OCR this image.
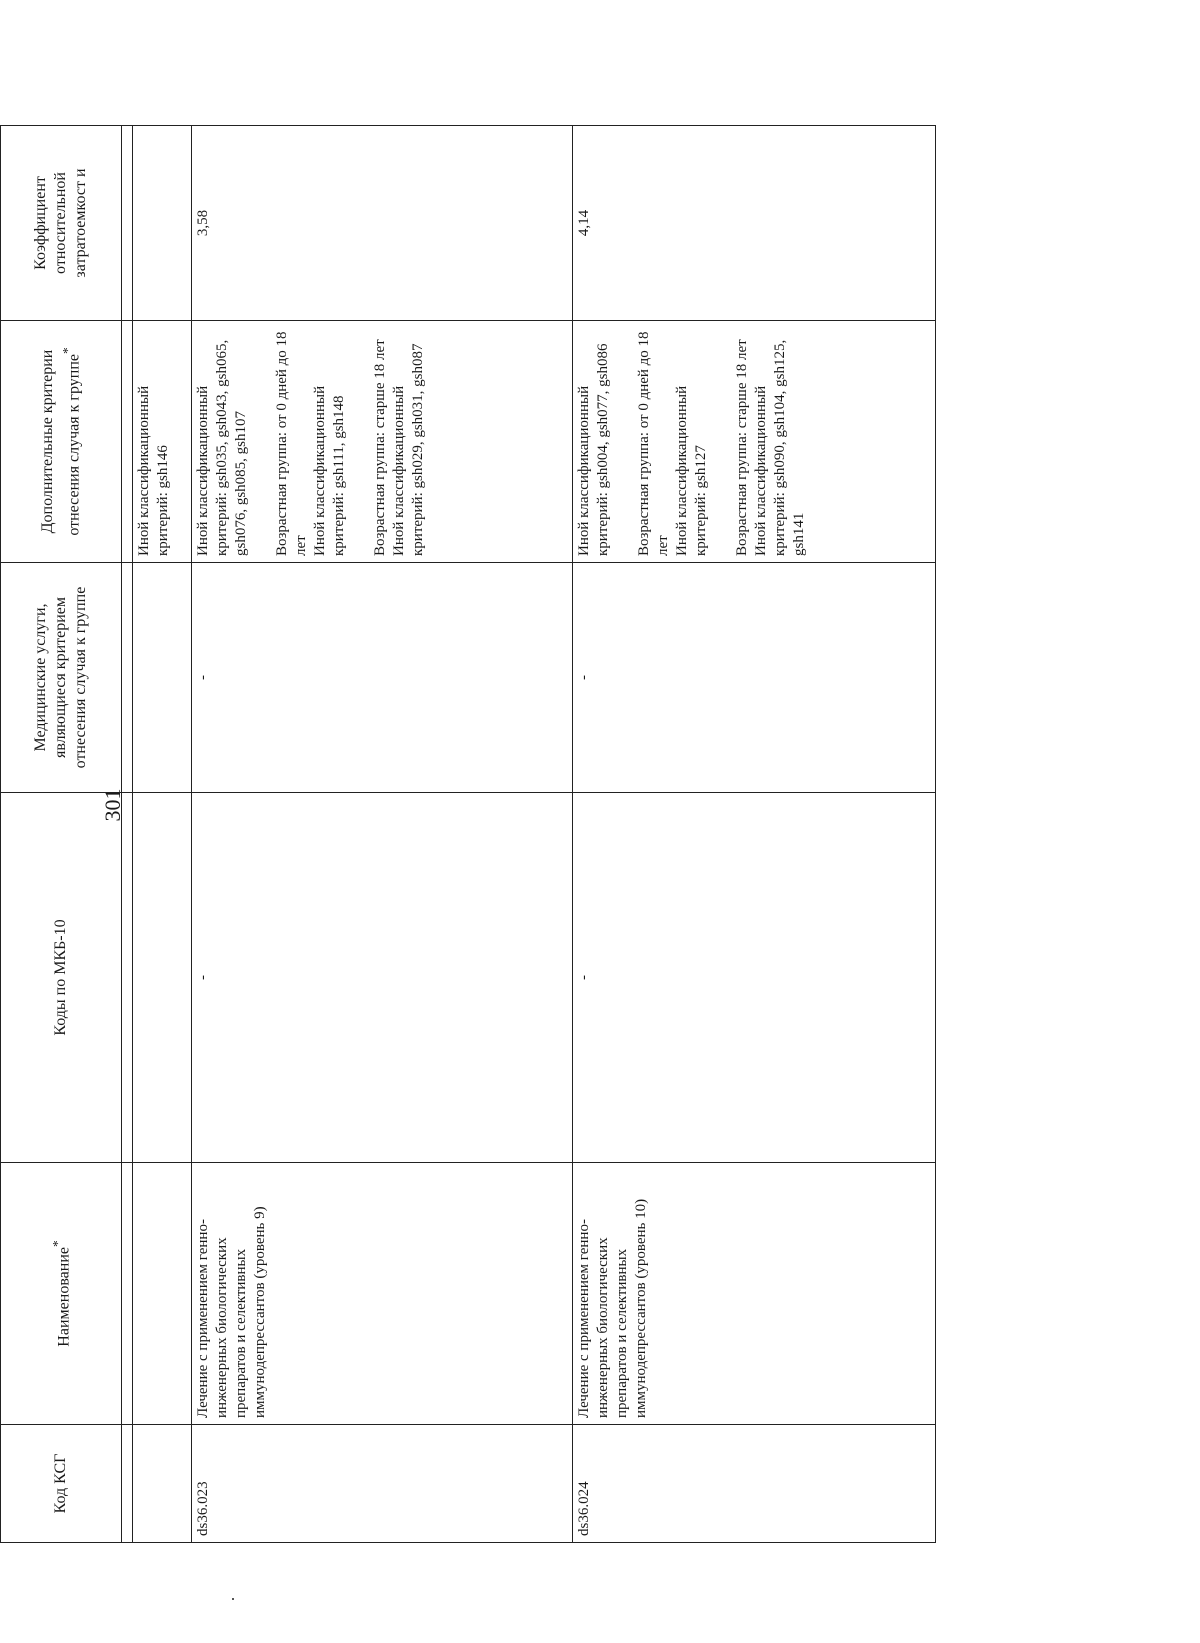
301
Код КСГ	Наименование*	Коды по МКБ-10	Медицинские услуги, являющиеся критерием отнесения случая к группе	Дополнительные критерии отнесения случая к группе*	Коэффициент относительной затратоемкост и

				Иной классификационный критерий: gsh146	

ds36.023	Лечение с применением генно-инженерных биологических препаратов и селективных иммунодепрессантов (уровень 9)	-	-	Иной классификационный критерий: gsh035, gsh043, gsh065, gsh076, gsh085, gsh107 Возрастная группа: от 0 дней до 18 лет
Иной классификационный критерий: gsh111, gsh148
Возрастная группа: старше 18 лет
Иной классификационный критерий: gsh029, gsh031, gsh087	3,58
ds36.024	Лечение с применением генно-инженерных биологических препаратов и селективных иммунодепрессантов (уровень 10)	-	-	Иной классификационный критерий: gsh004, gsh077, gsh086 Возрастная группа: от 0 дней до 18 лет
Иной классификационный критерий: gsh127
Возрастная группа: старше 18 лет
Иной классификационный критерий: gsh090, gsh104, gsh125, gsh141	4,14
